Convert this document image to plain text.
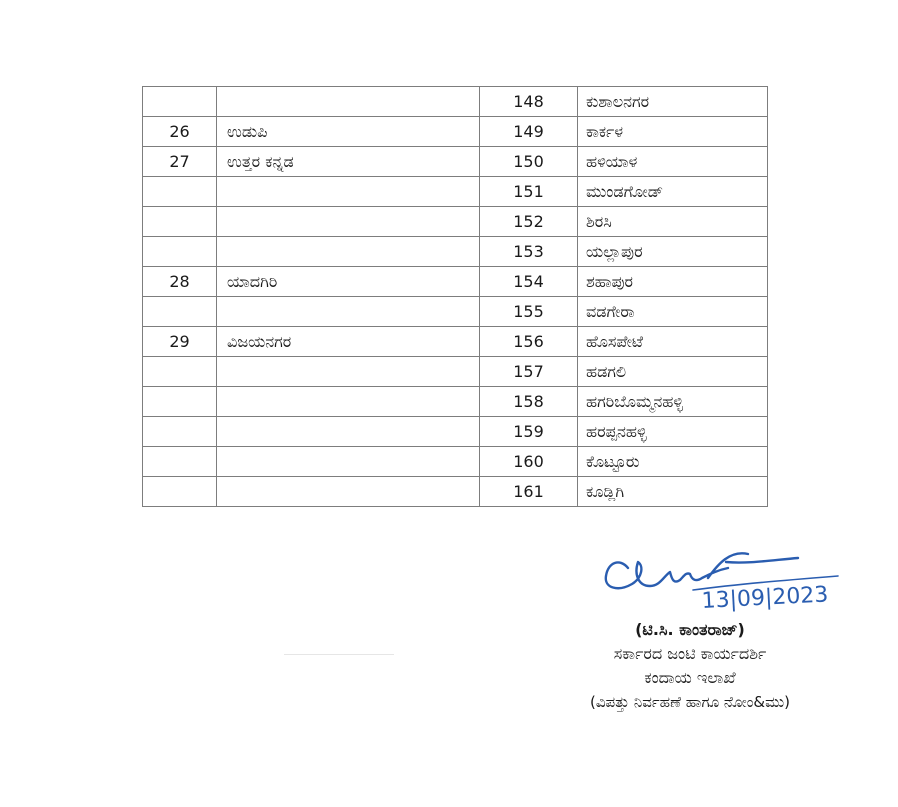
		148	ಕುಶಾಲನಗರ
26	ಉಡುಪಿ	149	ಕಾರ್ಕಳ
27	ಉತ್ತರ ಕನ್ನಡ	150	ಹಳಿಯಾಳ
		151	ಮುಂಡಗೋಡ್
		152	ಶಿರಸಿ
		153	ಯಲ್ಲಾಪುರ
28	ಯಾದಗಿರಿ	154	ಶಹಾಪುರ
		155	ವಡಗೇರಾ
29	ವಿಜಯನಗರ	156	ಹೊಸಪೇಟೆ
		157	ಹಡಗಲಿ
		158	ಹಗರಿಬೊಮ್ಮನಹಳ್ಳಿ
		159	ಹರಪ್ಪನಹಳ್ಳಿ
		160	ಕೊಟ್ಟೂರು
		161	ಕೂಡ್ಲಿಗಿ
13|09|2023
(ಟಿ.ಸಿ. ಕಾಂತರಾಜ್)
ಸರ್ಕಾರದ ಜಂಟಿ ಕಾರ್ಯದರ್ಶಿ
ಕಂದಾಯ ಇಲಾಖೆ
(ವಿಪತ್ತು ನಿರ್ವಹಣೆ ಹಾಗೂ ನೋಂ&ಮು)
